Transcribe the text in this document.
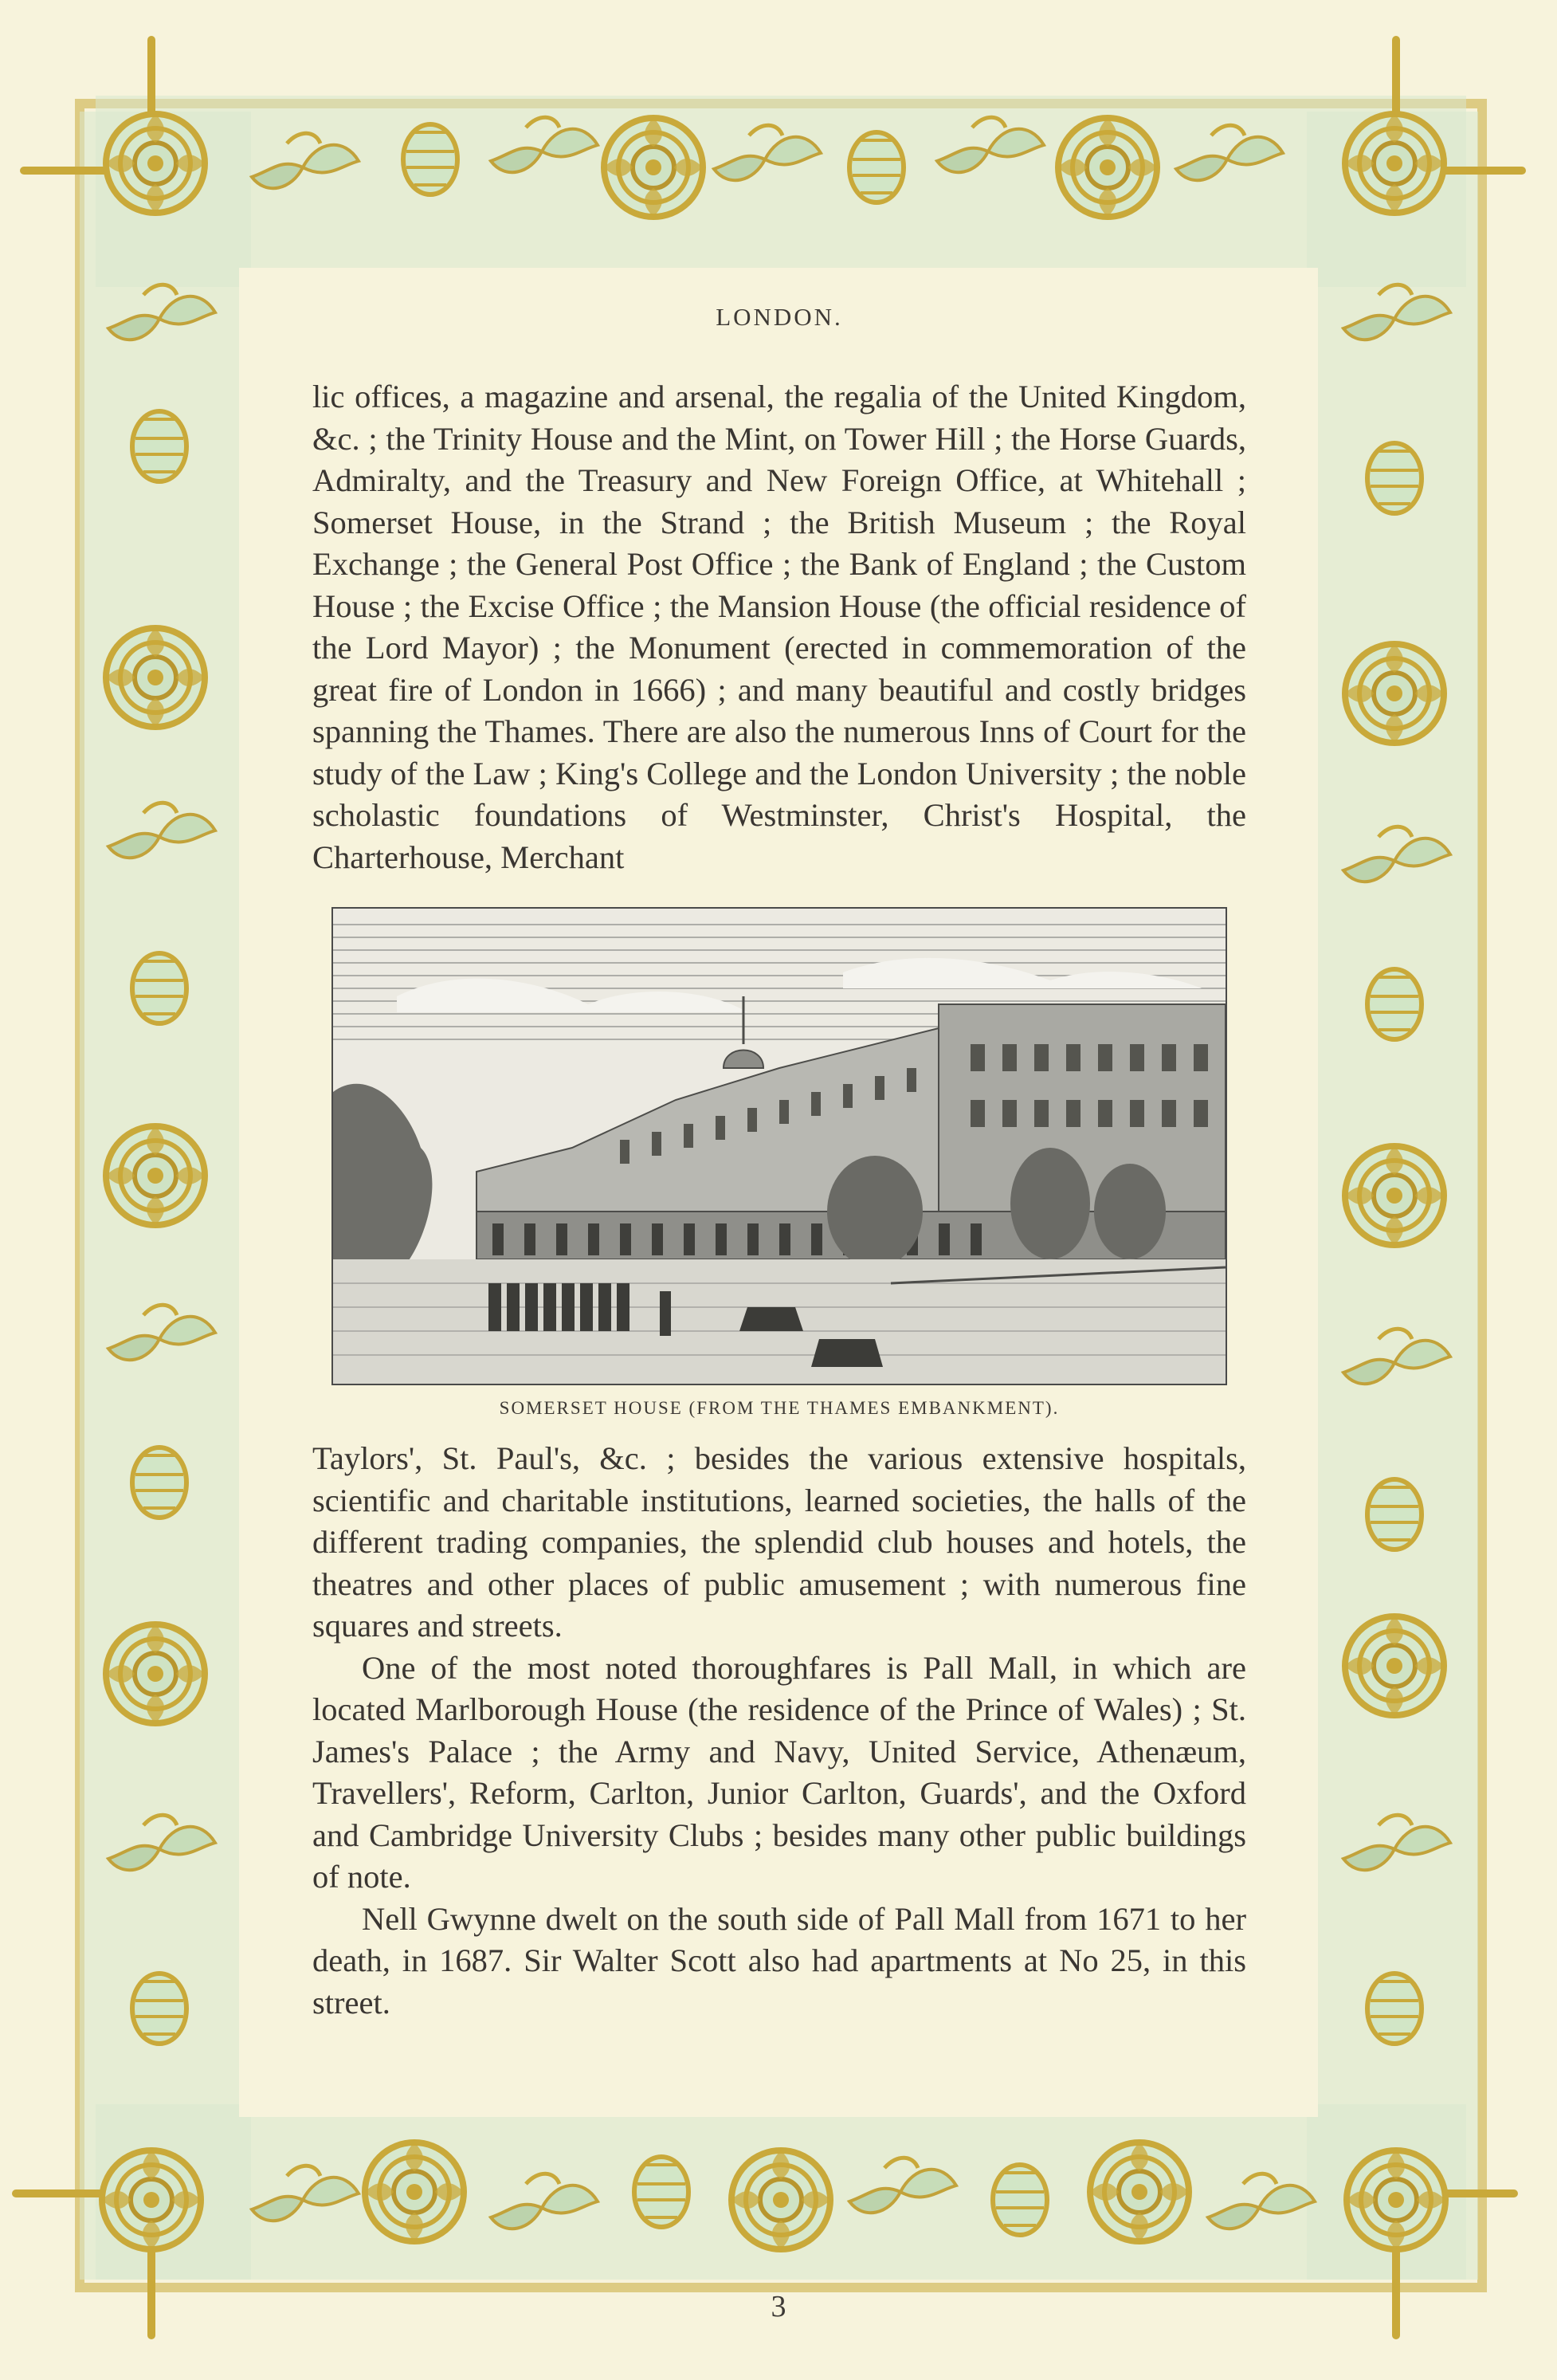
LONDON.

lic offices, a magazine and arsenal, the regalia of the United Kingdom, &c. ; the Trinity House and the Mint, on Tower Hill ; the Horse Guards, Admiralty, and the Treasury and New Foreign Office, at Whitehall ; Somerset House, in the Strand ; the British Museum ; the Royal Exchange ; the General Post Office ; the Bank of England ; the Custom House ; the Excise Office ; the Mansion House (the official residence of the Lord Mayor) ; the Monument (erected in commemoration of the great fire of London in 1666) ; and many beautiful and costly bridges spanning the Thames. There are also the numerous Inns of Court for the study of the Law ; King's College and the London University ; the noble scholastic foundations of Westminster, Christ's Hospital, the Charterhouse, Merchant

SOMERSET HOUSE (FROM THE THAMES EMBANKMENT).

Taylors', St. Paul's, &c. ; besides the various extensive hospitals, scientific and charitable institutions, learned societies, the halls of the different trading companies, the splendid club houses and hotels, the theatres and other places of public amusement ; with numerous fine squares and streets.

One of the most noted thoroughfares is Pall Mall, in which are located Marlborough House (the residence of the Prince of Wales) ; St. James's Palace ; the Army and Navy, United Service, Athenæum, Travellers', Reform, Carlton, Junior Carlton, Guards', and the Oxford and Cambridge University Clubs ; besides many other public buildings of note.

Nell Gwynne dwelt on the south side of Pall Mall from 1671 to her death, in 1687. Sir Walter Scott also had apartments at No 25, in this street.

3
